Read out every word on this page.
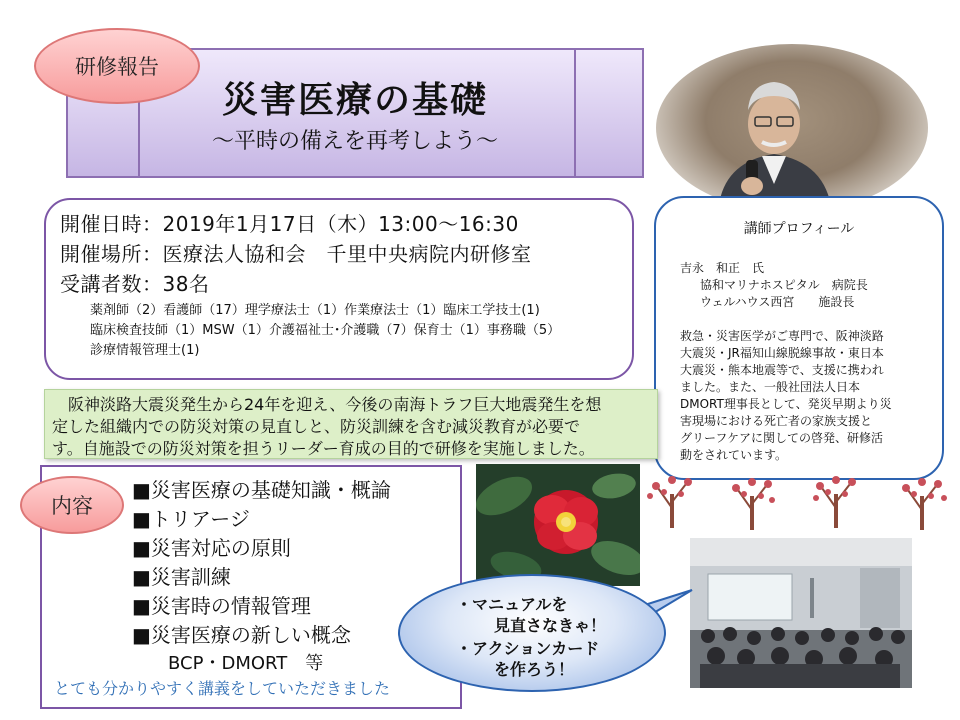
災害医療の基礎
～平時の備えを再考しよう～
研修報告
開催日時：2019年1月17日（木）13:00～16:30
開催場所：医療法人協和会　千里中央病院内研修室
受講者数：38名
薬剤師（2）看護師（17）理学療法士（1）作業療法士（1）臨床工学技士(1)
臨床検査技師（1）MSW（1）介護福祉士･介護職（7）保育士（1）事務職（5）
診療情報管理士(1)
講師プロフィール
吉永　和正　氏
協和マリナホスピタル　病院長
ウェルハウス西宮　　施設長
救急・災害医学がご専門で、阪神淡路
大震災・JR福知山線脱線事故・東日本
大震災・熊本地震等で、支援に携われ
ました。また、一般社団法人日本
DMORT理事長として、発災早期より災
害現場における死亡者の家族支援と
グリーフケアに関しての啓発、研修活
動をされています。
　阪神淡路大震災発生から24年を迎え、今後の南海トラフ巨大地震発生を想
定した組織内での防災対策の見直しと、防災訓練を含む減災教育が必要で
す。自施設での防災対策を担うリーダー育成の目的で研修を実施しました。
■災害医療の基礎知識・概論
■トリアージ
■災害対応の原則
■災害訓練
■災害時の情報管理
■災害医療の新しい概念
BCP・DMORT　等
とても分かりやすく講義をしていただきました
内容
・マニュアルを
見直さなきゃ！
・アクションカード
を作ろう！
